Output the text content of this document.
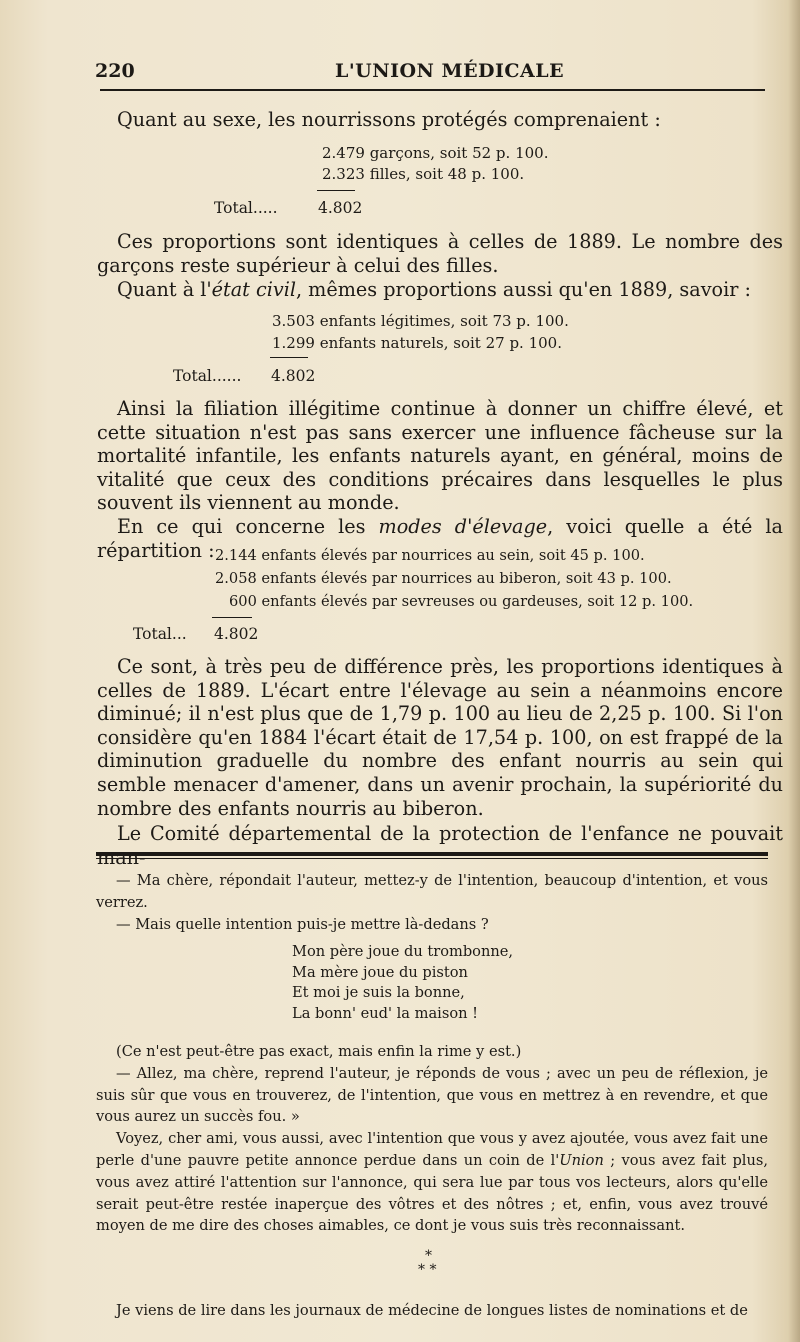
220	L'UNION MÉDICALE

Quant au sexe, les nourrissons protégés comprenaient :

2.479 garçons, soit 52 p. 100.
2.323 filles, soit 48 p. 100.
Total.....	4.802

Ces proportions sont identiques à celles de 1889. Le nombre des garçons reste supérieur à celui des filles.

Quant à l'état civil, mêmes proportions aussi qu'en 1889, savoir :

3.503 enfants légitimes, soit 73 p. 100.
1.299 enfants naturels, soit 27 p. 100.
Total...... 4.802

Ainsi la filiation illégitime continue à donner un chiffre élevé, et cette situation n'est pas sans exercer une influence fâcheuse sur la mortalité infantile, les enfants naturels ayant, en général, moins de vitalité que ceux des conditions précaires dans lesquelles le plus souvent ils viennent au monde.

En ce qui concerne les modes d'élevage, voici quelle a été la répartition : 2.144 enfants élevés par nourrices au sein, soit 45 p. 100.
2.058 enfants élevés par nourrices au biberon, soit 43 p. 100.
600 enfants élevés par sevreuses ou gardeuses, soit 12 p. 100.
Total... 4.802

Ce sont, à très peu de différence près, les proportions identiques à celles de 1889. L'écart entre l'élevage au sein a néanmoins encore diminué; il n'est plus que de 1,79 p. 100 au lieu de 2,25 p. 100. Si l'on considère qu'en 1884 l'écart était de 17,54 p. 100, on est frappé de la diminution graduelle du nombre des enfant nourris au sein qui semble menacer d'amener, dans un avenir prochain, la supériorité du nombre des enfants nourris au biberon.

Le Comité départemental de la protection de l'enfance ne pouvait

— Ma chère, répondait l'auteur, mettez-y de l'intention, beaucoup d'intention, et vous verrez.

— Mais quelle intention puis-je mettre là-dedans ?

Mon père joue du trombonne,
Ma mère joue du piston
Et moi je suis la bonne,
La bonn' eud' la maison !

(Ce n'est peut-être pas exact, mais enfin la rime y est.)

— Allez, ma chère, reprend l'auteur, je réponds de vous ; avec un peu de réflexion, je suis sûr que vous en trouverez, de l'intention, que vous en mettrez à en revendre, et que vous aurez un succès fou. »

Voyez, cher ami, vous aussi, avec l'intention que vous y avez ajoutée, vous avez fait une perle d'une pauvre petite annonce perdue dans un coin de l'Union ; vous avez fait plus, vous avez attiré l'attention sur l'annonce, qui sera lue par tous vos lecteurs, alors qu'elle serait peut-être restée inaperçue des vôtres et des nôtres ; et, enfin, vous avez trouvé moyen de me dire des choses aimables, ce dont je vous suis très reconnaissant.

*
* *

Je viens de lire dans les journaux de médecine de longues listes de nominations et de
